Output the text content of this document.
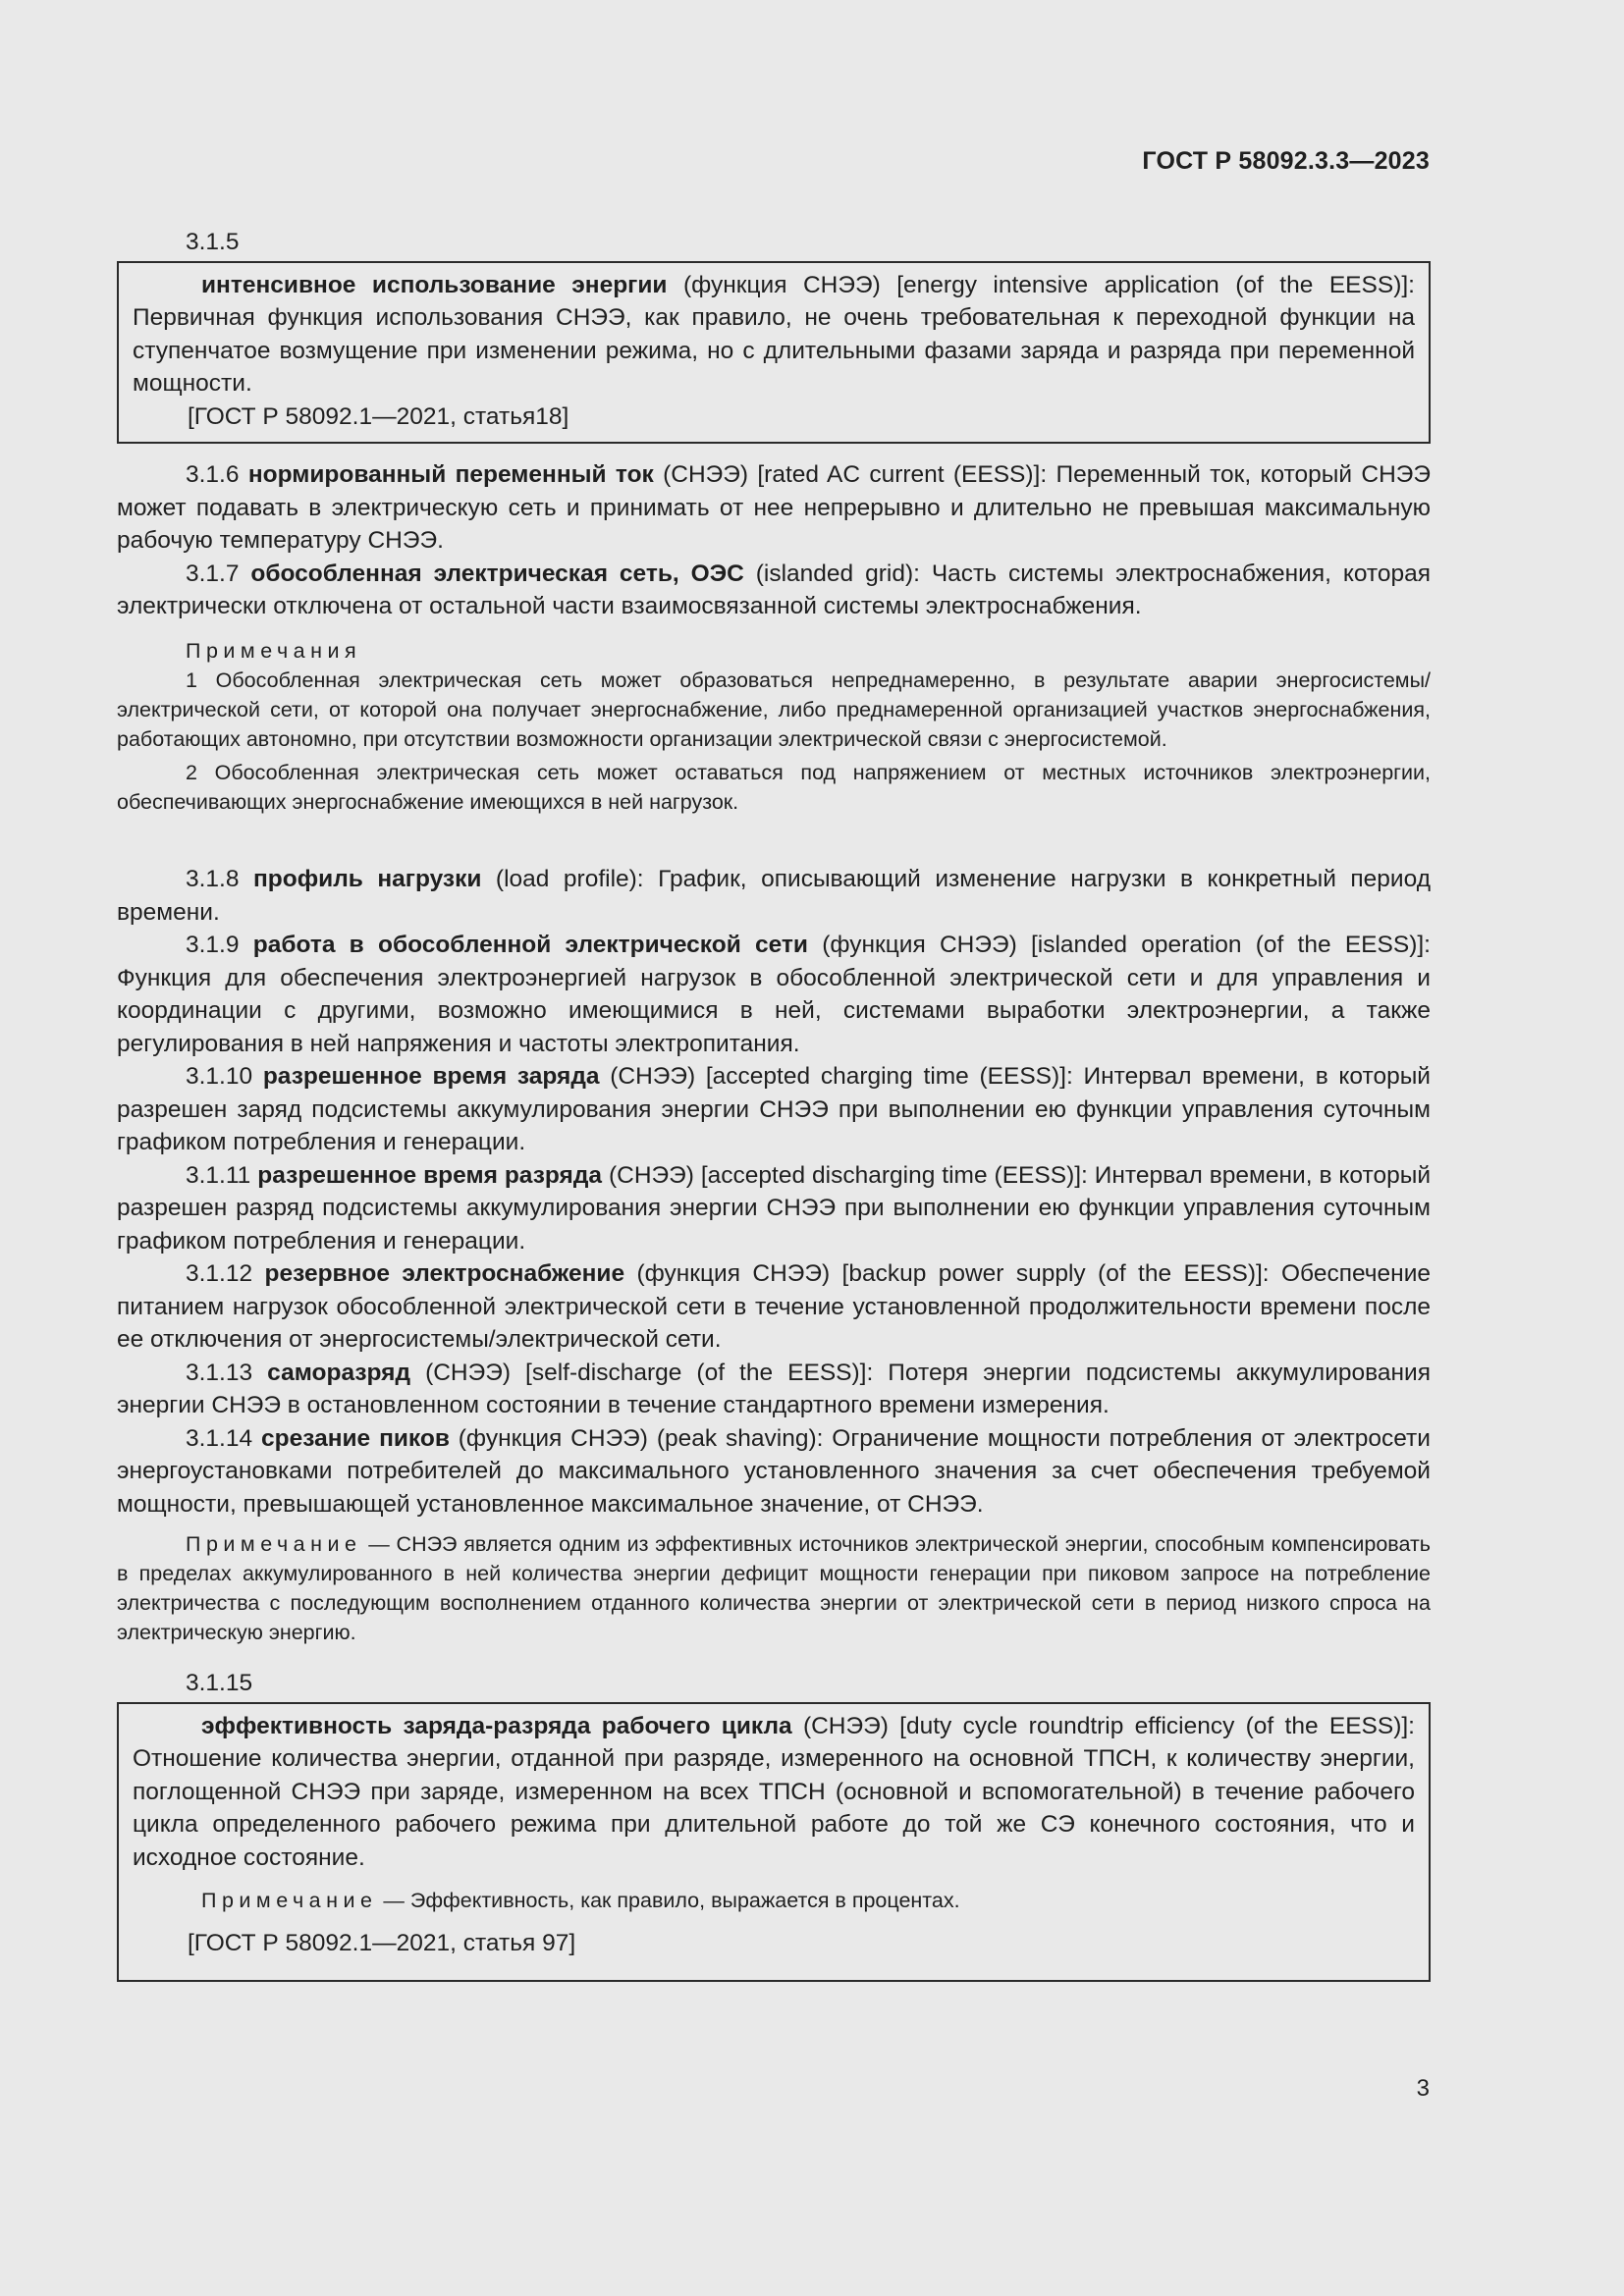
ГОСТ Р 58092.3.3—2023
3.1.5

интенсивное использование энергии (функция СНЭЭ) [energy intensive application (of the EESS)]: Первичная функция использования СНЭЭ, как правило, не очень требовательная к переходной функции на ступенчатое возмущение при изменении режима, но с длительными фазами заряда и разряда при переменной мощности.

[ГОСТ Р 58092.1—2021, статья18]

3.1.6 нормированный переменный ток (СНЭЭ) [rated AC current (EESS)]: Переменный ток, который СНЭЭ может подавать в электрическую сеть и принимать от нее непрерывно и длительно не превышая максимальную рабочую температуру СНЭЭ.

3.1.7 обособленная электрическая сеть, ОЭС (islanded grid): Часть системы электроснабжения, которая электрически отключена от остальной части взаимосвязанной системы электроснабжения.

Примечания

1 Обособленная электрическая сеть может образоваться непреднамеренно, в результате аварии энергосистемы/электрической сети, от которой она получает энергоснабжение, либо преднамеренной организацией участков энергоснабжения, работающих автономно, при отсутствии возможности организации электрической связи с энергосистемой.

2 Обособленная электрическая сеть может оставаться под напряжением от местных источников электроэнергии, обеспечивающих энергоснабжение имеющихся в ней нагрузок.

3.1.8 профиль нагрузки (load profile): График, описывающий изменение нагрузки в конкретный период времени.

3.1.9 работа в обособленной электрической сети (функция СНЭЭ) [islanded operation (of the EESS)]: Функция для обеспечения электроэнергией нагрузок в обособленной электрической сети и для управления и координации с другими, возможно имеющимися в ней, системами выработки электроэнергии, а также регулирования в ней напряжения и частоты электропитания.

3.1.10 разрешенное время заряда (СНЭЭ) [accepted charging time (EESS)]: Интервал времени, в который разрешен заряд подсистемы аккумулирования энергии СНЭЭ при выполнении ею функции управления суточным графиком потребления и генерации.

3.1.11 разрешенное время разряда (СНЭЭ) [accepted discharging time (EESS)]: Интервал времени, в который разрешен разряд подсистемы аккумулирования энергии СНЭЭ при выполнении ею функции управления суточным графиком потребления и генерации.

3.1.12 резервное электроснабжение (функция СНЭЭ) [backup power supply (of the EESS)]: Обеспечение питанием нагрузок обособленной электрической сети в течение установленной продолжительности времени после ее отключения от энергосистемы/электрической сети.

3.1.13 саморазряд (СНЭЭ) [self-discharge (of the EESS)]: Потеря энергии подсистемы аккумулирования энергии СНЭЭ в остановленном состоянии в течение стандартного времени измерения.

3.1.14 срезание пиков (функция СНЭЭ) (peak shaving): Ограничение мощности потребления от электросети энергоустановками потребителей до максимального установленного значения за счет обеспечения требуемой мощности, превышающей установленное максимальное значение, от СНЭЭ.

Примечание — СНЭЭ является одним из эффективных источников электрической энергии, способным компенсировать в пределах аккумулированного в ней количества энергии дефицит мощности генерации при пиковом запросе на потребление электричества с последующим восполнением отданного количества энергии от электрической сети в период низкого спроса на электрическую энергию.

3.1.15

эффективность заряда-разряда рабочего цикла (СНЭЭ) [duty cycle roundtrip efficiency (of the EESS)]: Отношение количества энергии, отданной при разряде, измеренного на основной ТПСН, к количеству энергии, поглощенной СНЭЭ при заряде, измеренном на всех ТПСН (основной и вспомогательной) в течение рабочего цикла определенного рабочего режима при длительной работе до той же СЭ конечного состояния, что и исходное состояние.

Примечание — Эффективность, как правило, выражается в процентах.

[ГОСТ Р 58092.1—2021, статья 97]
3
